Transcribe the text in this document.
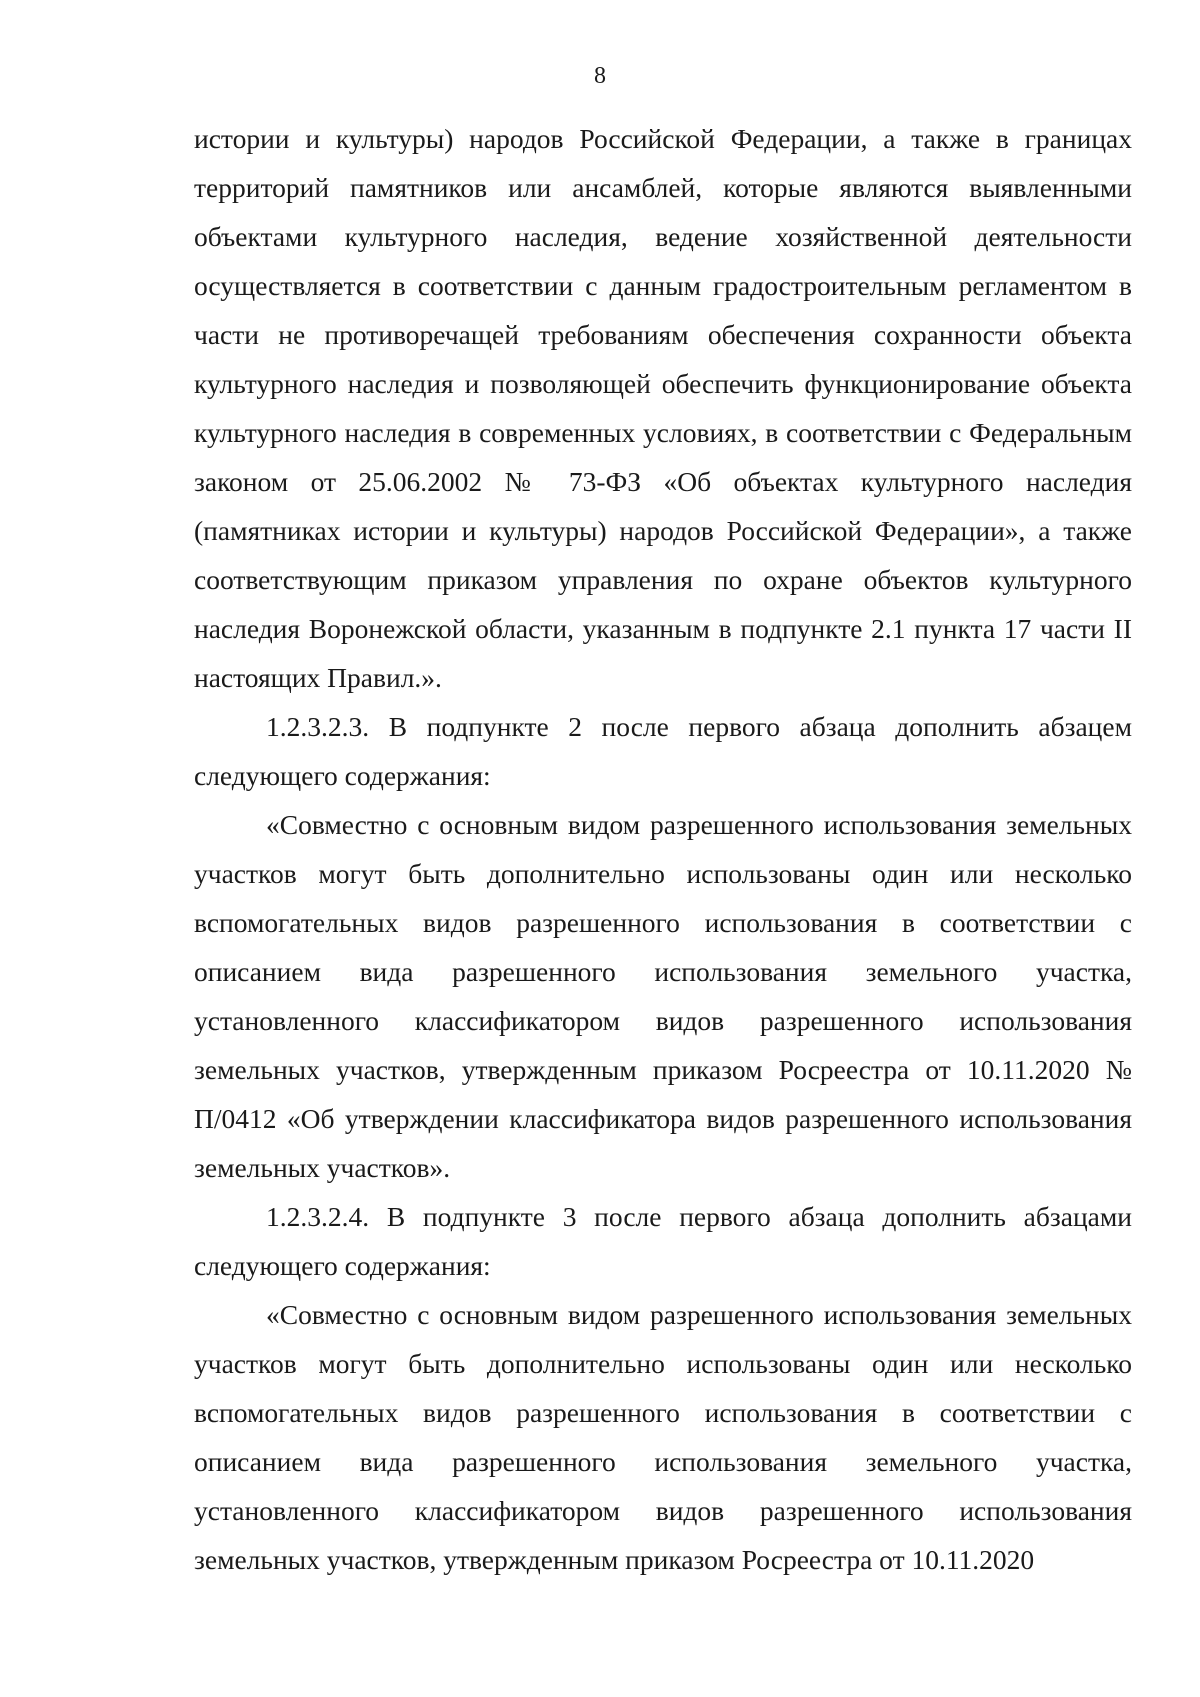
8

истории и культуры) народов Российской Федерации, а также в границах территорий памятников или ансамблей, которые являются выявленными объектами культурного наследия, ведение хозяйственной деятельности осуществляется в соответствии с данным градостроительным регламентом в части не противоречащей требованиям обеспечения сохранности объекта культурного наследия и позволяющей обеспечить функционирование объекта культурного наследия в современных условиях, в соответствии с Федеральным законом от 25.06.2002 № 73-ФЗ «Об объектах культурного наследия (памятниках истории и культуры) народов Российской Федерации», а также соответствующим приказом управления по охране объектов культурного наследия Воронежской области, указанным в подпункте 2.1 пункта 17 части II настоящих Правил.».

1.2.3.2.3. В подпункте 2 после первого абзаца дополнить абзацем следующего содержания:

«Совместно с основным видом разрешенного использования земельных участков могут быть дополнительно использованы один или несколько вспомогательных видов разрешенного использования в соответствии с описанием вида разрешенного использования земельного участка, установленного классификатором видов разрешенного использования земельных участков, утвержденным приказом Росреестра от 10.11.2020 № П/0412 «Об утверждении классификатора видов разрешенного использования земельных участков».

1.2.3.2.4. В подпункте 3 после первого абзаца дополнить абзацами следующего содержания:

«Совместно с основным видом разрешенного использования земельных участков могут быть дополнительно использованы один или несколько вспомогательных видов разрешенного использования в соответствии с описанием вида разрешенного использования земельного участка, установленного классификатором видов разрешенного использования земельных участков, утвержденным приказом Росреестра от 10.11.2020
